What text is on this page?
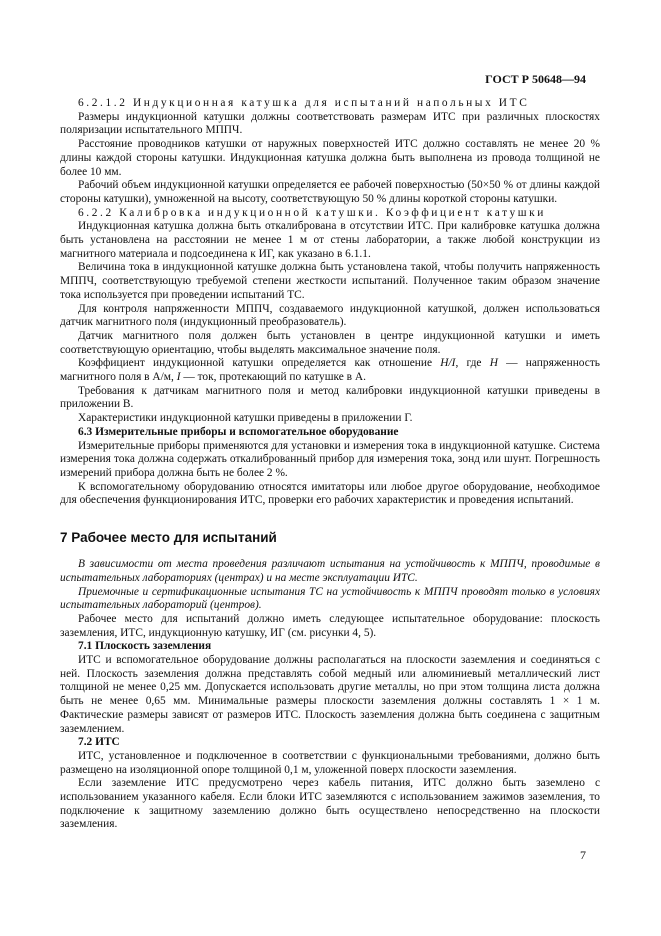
ГОСТ Р 50648—94

6.2.1.2 Индукционная катушка для испытаний напольных ИТС

Размеры индукционной катушки должны соответствовать размерам ИТС при различных плоскостях поляризации испытательного МППЧ.

Расстояние проводников катушки от наружных поверхностей ИТС должно составлять не менее 20 % длины каждой стороны катушки. Индукционная катушка должна быть выполнена из провода толщиной не более 10 мм.

Рабочий объем индукционной катушки определяется ее рабочей поверхностью (50×50 % от длины каждой стороны катушки), умноженной на высоту, соответствующую 50 % длины короткой стороны катушки.

6.2.2 Калибровка индукционной катушки. Коэффициент катушки

Индукционная катушка должна быть откалибрована в отсутствии ИТС. При калибровке катушка должна быть установлена на расстоянии не менее 1 м от стены лаборатории, а также любой конструкции из магнитного материала и подсоединена к ИГ, как указано в 6.1.1.

Величина тока в индукционной катушке должна быть установлена такой, чтобы получить напряженность МППЧ, соответствующую требуемой степени жесткости испытаний. Полученное таким образом значение тока используется при проведении испытаний ТС.

Для контроля напряженности МППЧ, создаваемого индукционной катушкой, должен использоваться датчик магнитного поля (индукционный преобразователь).

Датчик магнитного поля должен быть установлен в центре индукционной катушки и иметь соответствующую ориентацию, чтобы выделять максимальное значение поля.

Коэффициент индукционной катушки определяется как отношение H/I, где H — напряженность магнитного поля в А/м, I — ток, протекающий по катушке в А.

Требования к датчикам магнитного поля и метод калибровки индукционной катушки приведены в приложении В.

Характеристики индукционной катушки приведены в приложении Г.

6.3 Измерительные приборы и вспомогательное оборудование

Измерительные приборы применяются для установки и измерения тока в индукционной катушке. Система измерения тока должна содержать откалиброванный прибор для измерения тока, зонд или шунт. Погрешность измерений прибора должна быть не более 2 %.

К вспомогательному оборудованию относятся имитаторы или любое другое оборудование, необходимое для обеспечения функционирования ИТС, проверки его рабочих характеристик и проведения испытаний.

7 Рабочее место для испытаний

В зависимости от места проведения различают испытания на устойчивость к МППЧ, проводимые в испытательных лабораториях (центрах) и на месте эксплуатации ИТС.

Приемочные и сертификационные испытания ТС на устойчивость к МППЧ проводят только в условиях испытательных лабораторий (центров).

Рабочее место для испытаний должно иметь следующее испытательное оборудование: плоскость заземления, ИТС, индукционную катушку, ИГ (см. рисунки 4, 5).

7.1 Плоскость заземления

ИТС и вспомогательное оборудование должны располагаться на плоскости заземления и соединяться с ней. Плоскость заземления должна представлять собой медный или алюминиевый металлический лист толщиной не менее 0,25 мм. Допускается использовать другие металлы, но при этом толщина листа должна быть не менее 0,65 мм. Минимальные размеры плоскости заземления должны составлять 1 × 1 м. Фактические размеры зависят от размеров ИТС. Плоскость заземления должна быть соединена с защитным заземлением.

7.2 ИТС

ИТС, установленное и подключенное в соответствии с функциональными требованиями, должно быть размещено на изоляционной опоре толщиной 0,1 м, уложенной поверх плоскости заземления.

Если заземление ИТС предусмотрено через кабель питания, ИТС должно быть заземлено с использованием указанного кабеля. Если блоки ИТС заземляются с использованием зажимов заземления, то подключение к защитному заземлению должно быть осуществлено непосредственно на плоскости заземления.

7
